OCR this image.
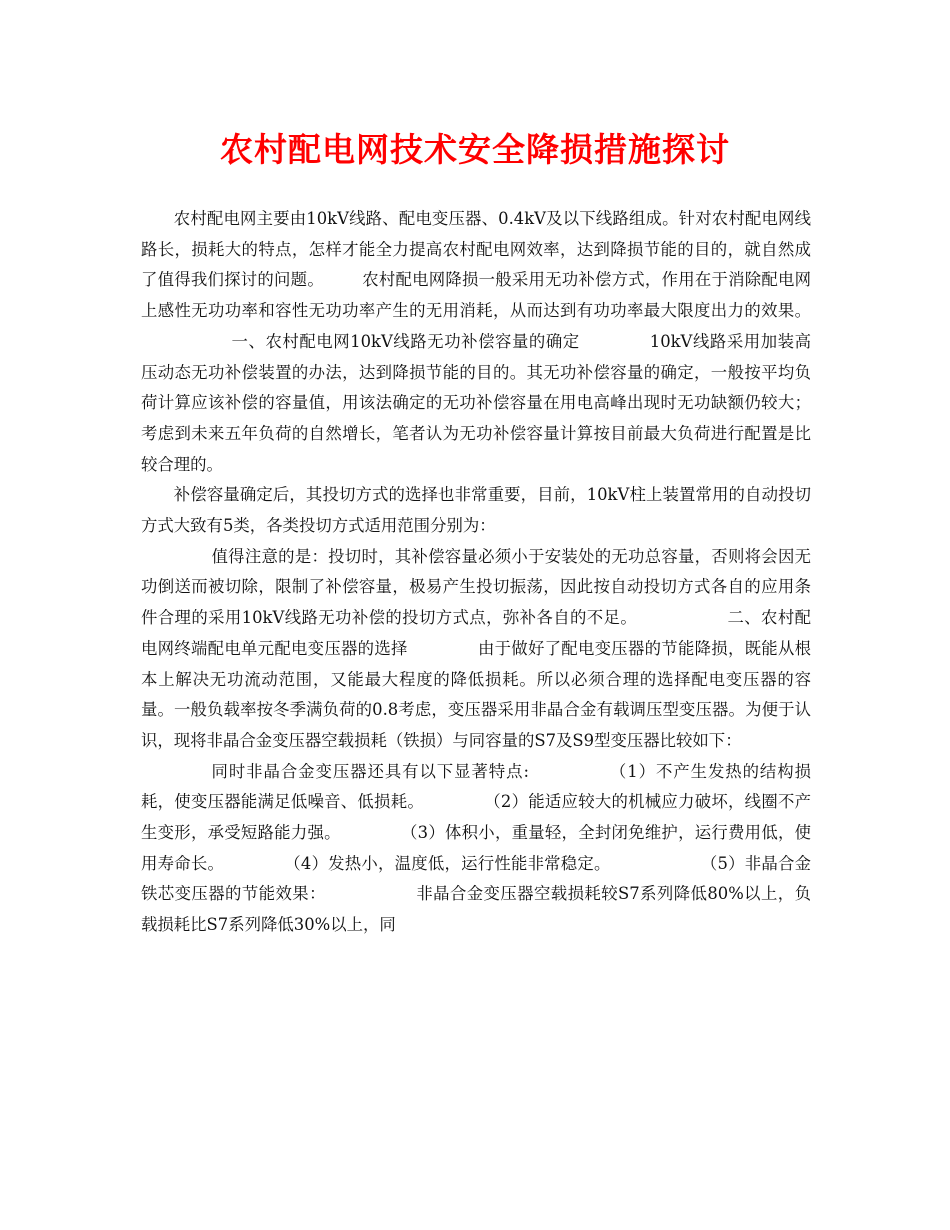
农村配电网技术安全降损措施探讨

农村配电网主要由10kV线路、配电变压器、0.4kV及以下线路组成。针对农村配电网线路长，损耗大的特点，怎样才能全力提高农村配电网效率，达到降损节能的目的，就自然成了值得我们探讨的问题。 农村配电网降损一般采用无功补偿方式，作用在于消除配电网上感性无功功率和容性无功功率产生的无用消耗，从而达到有功功率最大限度出力的效果。一、农村配电网10kV线路无功补偿容量的确定	10kV线路采用加装高压动态无功补偿装置的办法，达到降损节能的目的。其无功补偿容量的确定，一般按平均负荷计算应该补偿的容量值，用该法确定的无功补偿容量在用电高峰出现时无功缺额仍较大；考虑到未来五年负荷的自然增长，笔者认为无功补偿容量计算按目前最大负荷进行配置是比较合理的。

补偿容量确定后，其投切方式的选择也非常重要，目前，10kV柱上装置常用的自动投切方式大致有5类，各类投切方式适用范围分别为：

值得注意的是：投切时，其补偿容量必须小于安装处的无功总容量，否则将会因无功倒送而被切除，限制了补偿容量，极易产生投切振荡，因此按自动投切方式各自的应用条件合理的采用10kV线路无功补偿的投切方式点，弥补各自的不足。	二、农村配电网终端配电单元配电变压器的选择	由于做好了配电变压器的节能降损，既能从根本上解决无功流动范围，又能最大程度的降低损耗。所以必须合理的选择配电变压器的容量。一般负载率按冬季满负荷的0.8考虑，变压器采用非晶合金有载调压型变压器。为便于认识，现将非晶合金变压器空载损耗（铁损）与同容量的S7及S9型变压器比较如下：

同时非晶合金变压器还具有以下显著特点:	（1）不产生发热的结构损耗，使变压器能满足低噪音、低损耗。	（2）能适应较大的机械应力破坏，线圈不产生变形，承受短路能力强。	（3）体积小，重量轻，全封闭免维护，运行费用低，使用寿命长。	（4）发热小，温度低，运行性能非常稳定。	（5）非晶合金铁芯变压器的节能效果：	非晶合金变压器空载损耗较S7系列降低80%以上，负载损耗比S7系列降低30%以上，同
